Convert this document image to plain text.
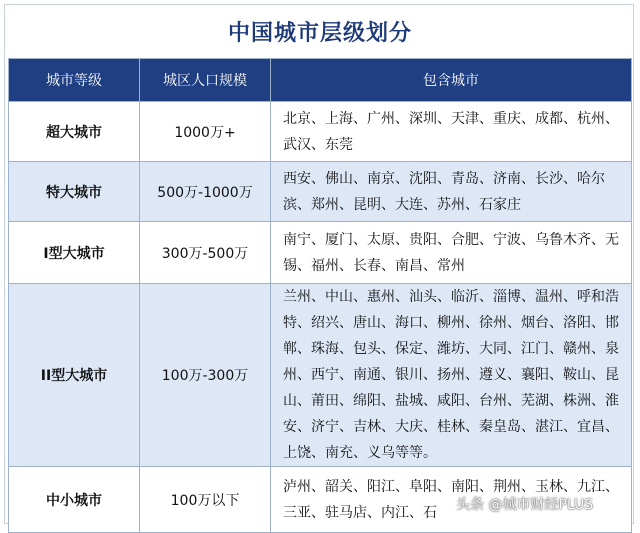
中国城市层级划分
城市等级	城区人口规模	包含城市
超大城市	1000万+	北京、上海、广州、深圳、天津、重庆、成都、杭州、武汉、东莞
特大城市	500万-1000万	西安、佛山、南京、沈阳、青岛、济南、长沙、哈尔滨、郑州、昆明、大连、苏州、石家庄
I型大城市	300万-500万	南宁、厦门、太原、贵阳、合肥、宁波、乌鲁木齐、无锡、福州、长春、南昌、常州
II型大城市	100万-300万	兰州、中山、惠州、汕头、临沂、淄博、温州、呼和浩特、绍兴、唐山、海口、柳州、徐州、烟台、洛阳、邯郸、珠海、包头、保定、潍坊、大同、江门、赣州、泉州、西宁、南通、银川、扬州、遵义、襄阳、鞍山、昆山、莆田、绵阳、盐城、咸阳、台州、芜湖、株洲、淮安、济宁、吉林、大庆、桂林、秦皇岛、湛江、宜昌、上饶、南充、义乌等等。
中小城市	100万以下	泸州、韶关、阳江、阜阳、南阳、荆州、玉林、九江、三亚、驻马店、内江、石 头条 @城市财经PLUS
